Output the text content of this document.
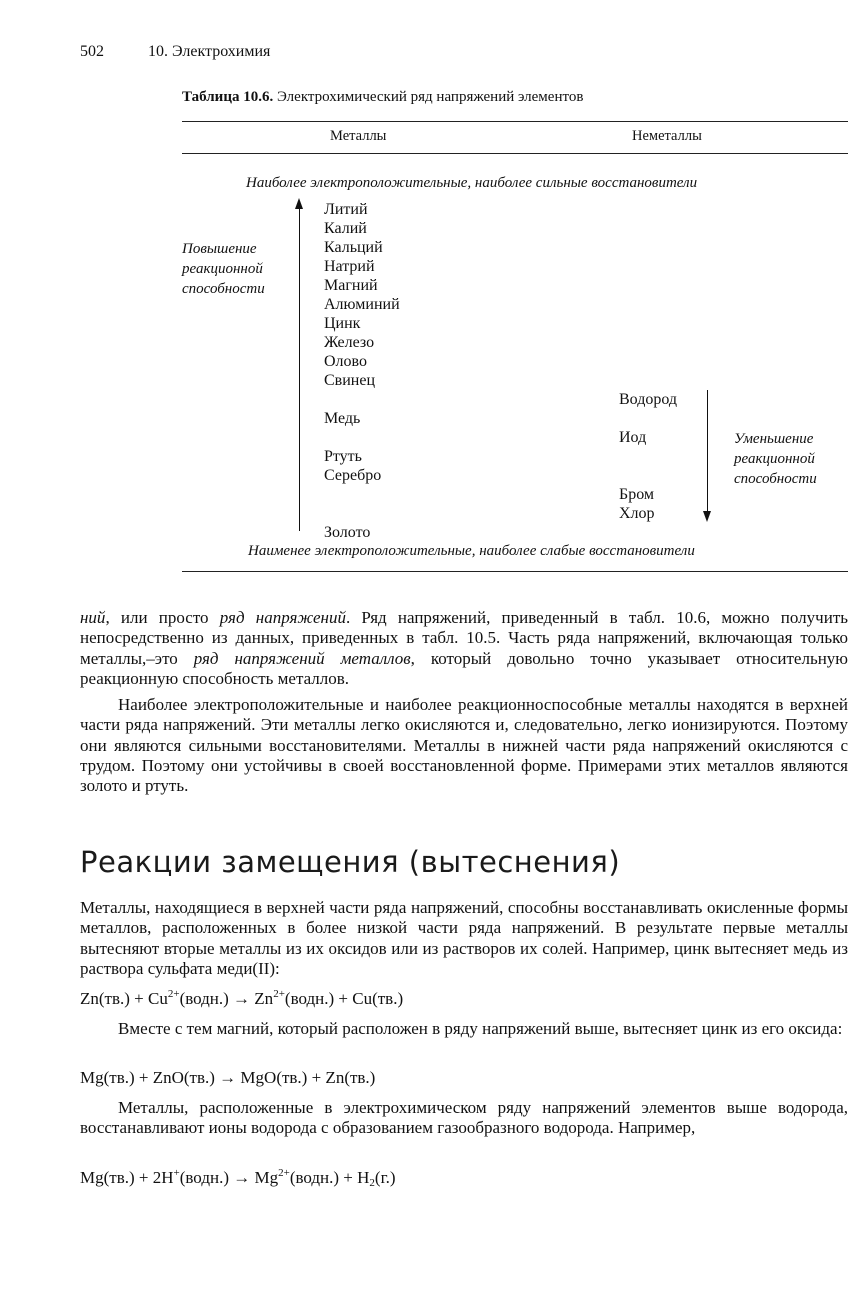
502	10. Электрохимия
Таблица 10.6. Электрохимический ряд напряжений элементов
Металлы	Неметаллы
Наиболее электроположительные, наиболее сильные восстановители
Повышение
реакционной
способности
Литий
Калий
Кальций
Натрий
Магний
Алюминий
Цинк
Железо
Олово
Свинец
Медь
Ртуть
Серебро
Золото
Водород
Иод
Бром
Хлор
Уменьшение
реакционной
способности
Наименее электроположительные, наиболее слабые восстановители

ний, или просто ряд напряжений. Ряд напряжений, приведенный в табл. 10.6, можно получить непосредственно из данных, приведенных в табл. 10.5. Часть ряда напряжений, включающая только металлы,–это ряд напряжений металлов, который довольно точно указывает относительную реакционную способность металлов.

Наиболее электроположительные и наиболее реакционноспособные металлы находятся в верхней части ряда напряжений. Эти металлы легко окисляются и, следовательно, легко ионизируются. Поэтому они являются сильными восстановителями. Металлы в нижней части ряда напряжений окисляются с трудом. Поэтому они устойчивы в своей восстановленной форме. Примерами этих металлов являются золото и ртуть.

Реакции замещения (вытеснения)

Металлы, находящиеся в верхней части ряда напряжений, способны восстанавливать окисленные формы металлов, расположенных в более низкой части ряда напряжений. В результате первые металлы вытесняют вторые металлы из их оксидов или из растворов их солей. Например, цинк вытесняет медь из раствора сульфата меди(II):

$Zn(тв.) + Cu^{2+}(водн.)$ → $Zn^{2+}(водн.) + Cu(тв.)$

Вместе с тем магний, который расположен в ряду напряжений выше, вытесняет цинк из его оксида:

Mg(тв.) + ZnO(тв.) → MgO(тв.) + Zn(тв.)

Металлы, расположенные в электрохимическом ряду напряжений элементов выше водорода, восстанавливают ионы водорода с образованием газообразного водорода. Например,

Mg(тв.) + 2H+(водн.) → $Mg^{2+}(водн.) + H_2(г.)$
